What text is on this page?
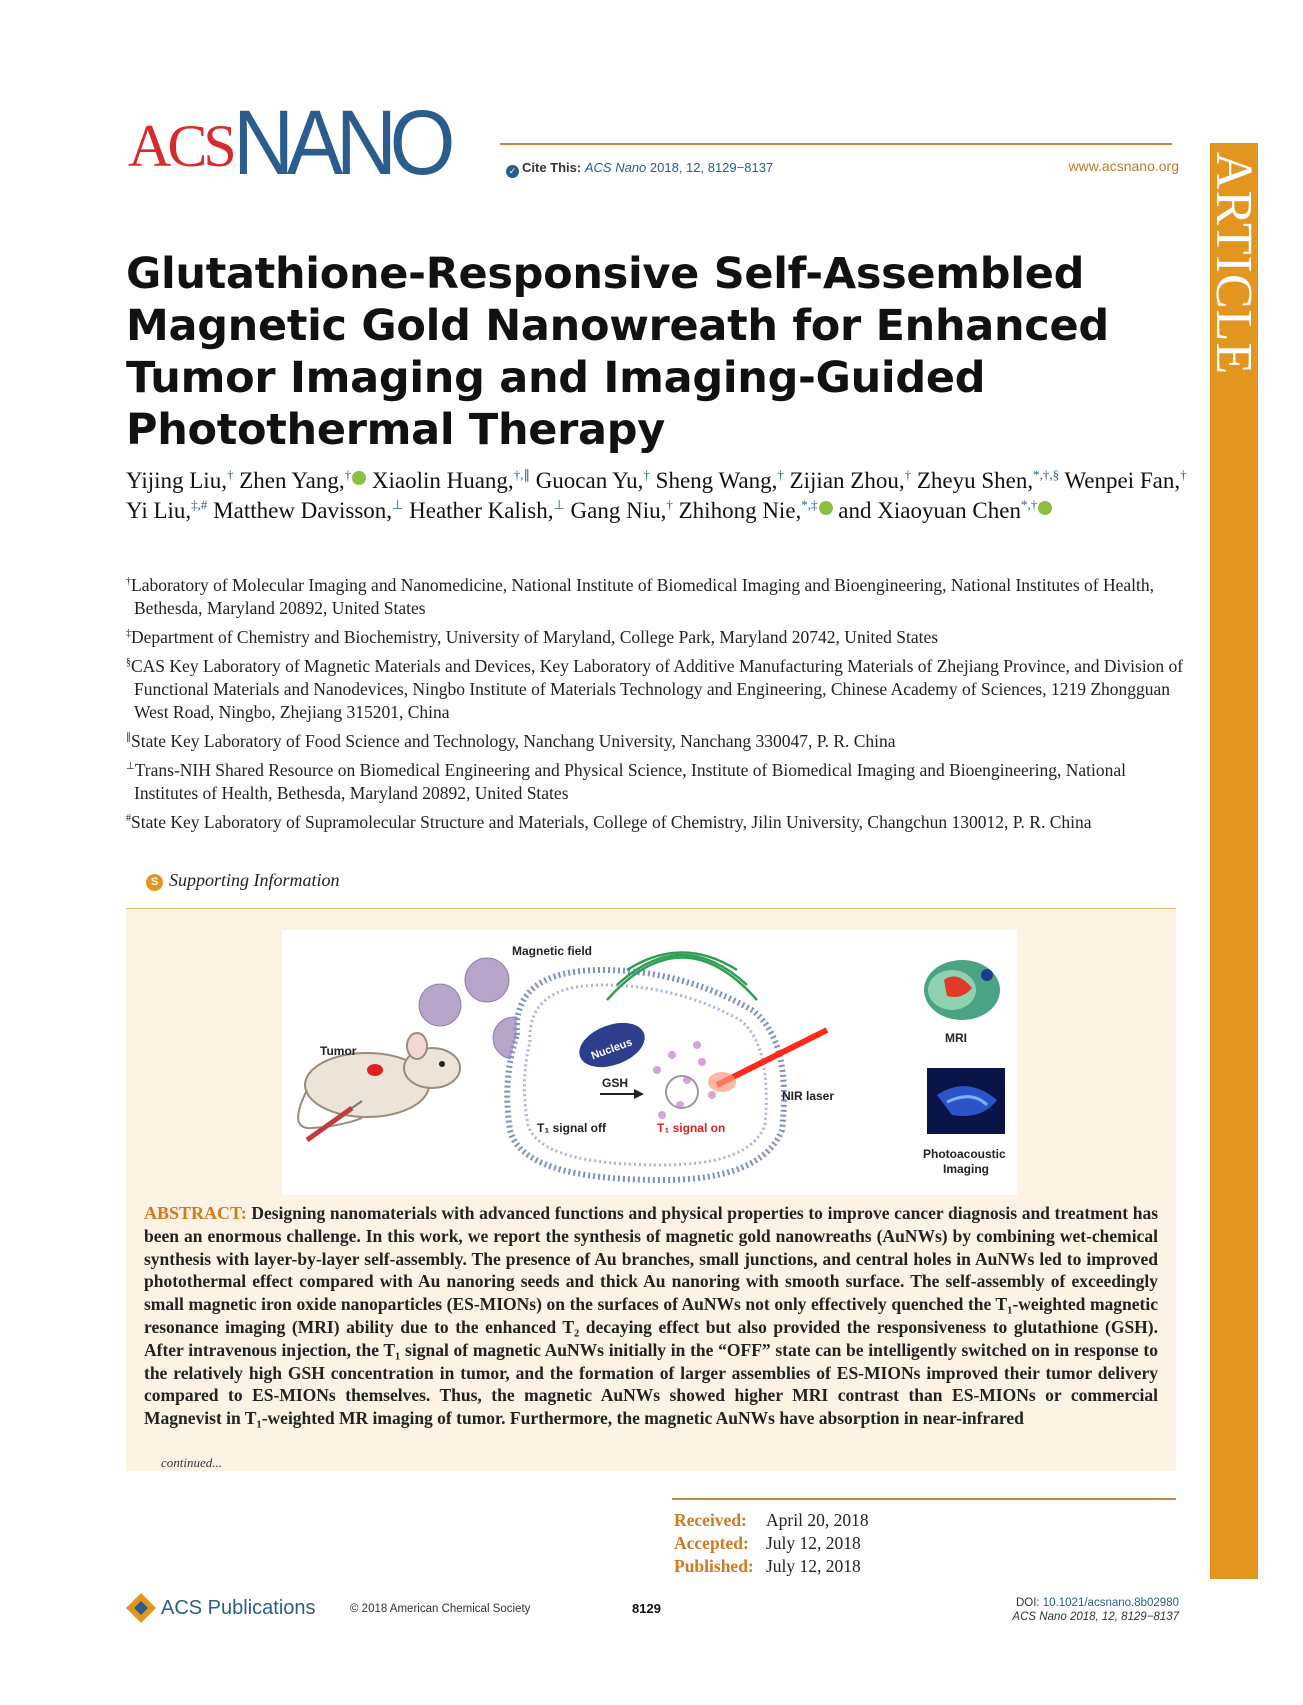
ACSNANO	✓ Cite This: ACS Nano 2018, 12, 8129−8137	www.acsnano.org ARTICLE
Glutathione-Responsive Self-Assembled Magnetic Gold Nanowreath for Enhanced Tumor Imaging and Imaging-Guided Photothermal Therapy
Yijing Liu,† Zhen Yang,† Xiaolin Huang,†,∥ Guocan Yu,† Sheng Wang,† Zijian Zhou,† Zheyu Shen,*,†,§ Wenpei Fan,† Yi Liu,‡,# Matthew Davisson,⊥ Heather Kalish,⊥ Gang Niu,† Zhihong Nie,*,‡ and Xiaoyuan Chen*,†
†Laboratory of Molecular Imaging and Nanomedicine, National Institute of Biomedical Imaging and Bioengineering, National Institutes of Health, Bethesda, Maryland 20892, United States
‡Department of Chemistry and Biochemistry, University of Maryland, College Park, Maryland 20742, United States
§CAS Key Laboratory of Magnetic Materials and Devices, Key Laboratory of Additive Manufacturing Materials of Zhejiang Province, and Division of Functional Materials and Nanodevices, Ningbo Institute of Materials Technology and Engineering, Chinese Academy of Sciences, 1219 Zhongguan West Road, Ningbo, Zhejiang 315201, China
∥State Key Laboratory of Food Science and Technology, Nanchang University, Nanchang 330047, P. R. China
⊥Trans-NIH Shared Resource on Biomedical Engineering and Physical Science, Institute of Biomedical Imaging and Bioengineering, National Institutes of Health, Bethesda, Maryland 20892, United States
#State Key Laboratory of Supramolecular Structure and Materials, College of Chemistry, Jilin University, Changchun 130012, P. R. China
S Supporting Information
Tumor
Magnetic field
Nucleus
GSH
NIR laser
T₁ signal off	T₁ signal on
MRI
Photoacoustic
Imaging
ABSTRACT: Designing nanomaterials with advanced functions and physical properties to improve cancer diagnosis and treatment has been an enormous challenge. In this work, we report the synthesis of magnetic gold nanowreaths (AuNWs) by combining wet-chemical synthesis with layer-by-layer self-assembly. The presence of Au branches, small junctions, and central holes in AuNWs led to improved photothermal effect compared with Au nanoring seeds and thick Au nanoring with smooth surface. The self-assembly of exceedingly small magnetic iron oxide nanoparticles (ES-MIONs) on the surfaces of AuNWs not only effectively quenched the T₁-weighted magnetic resonance imaging (MRI) ability due to the enhanced T₂ decaying effect but also provided the responsiveness to glutathione (GSH). After intravenous injection, the T₁ signal of magnetic AuNWs initially in the “OFF” state can be intelligently switched on in response to the relatively high GSH concentration in tumor, and the formation of larger assemblies of ES-MIONs improved their tumor delivery compared to ES-MIONs themselves. Thus, the magnetic AuNWs showed higher MRI contrast than ES-MIONs or commercial Magnevist in T₁-weighted MR imaging of tumor. Furthermore, the magnetic AuNWs have absorption in near-infrared
continued...
Received: April 20, 2018
Accepted: July 12, 2018
Published: July 12, 2018
ACS Publications	© 2018 American Chemical Society	8129	DOI: 10.1021/acsnano.8b02980
ACS Nano 2018, 12, 8129−8137
